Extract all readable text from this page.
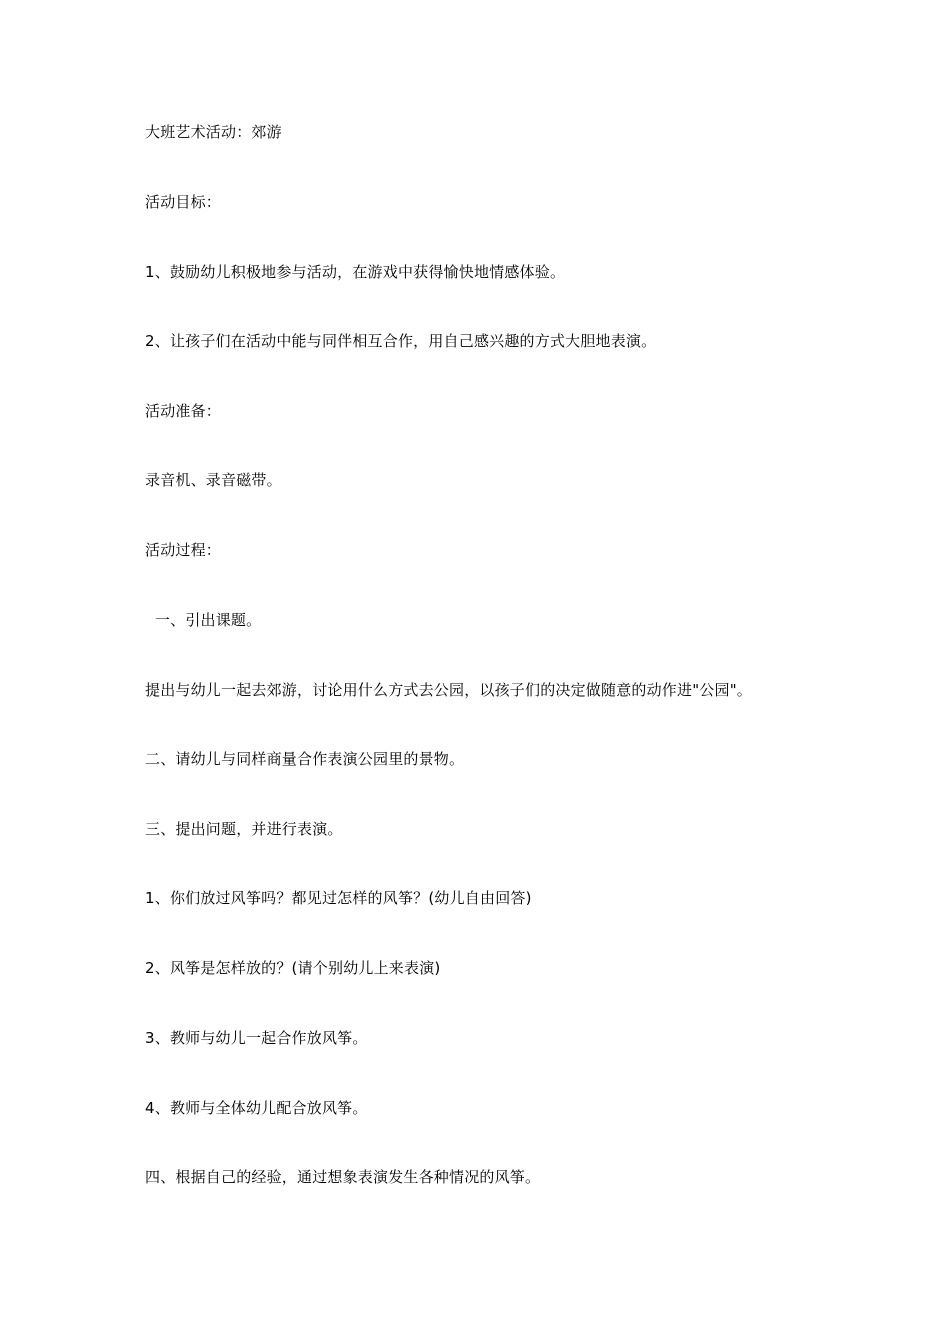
大班艺术活动：郊游
活动目标：
1、鼓励幼儿积极地参与活动，在游戏中获得愉快地情感体验。
2、让孩子们在活动中能与同伴相互合作，用自己感兴趣的方式大胆地表演。
活动准备：
录音机、录音磁带。
活动过程：
一、引出课题。
提出与幼儿一起去郊游，讨论用什么方式去公园，以孩子们的决定做随意的动作进"公园"。
二、请幼儿与同样商量合作表演公园里的景物。
三、提出问题，并进行表演。
1、你们放过风筝吗？都见过怎样的风筝？(幼儿自由回答)
2、风筝是怎样放的？(请个别幼儿上来表演)
3、教师与幼儿一起合作放风筝。
4、教师与全体幼儿配合放风筝。
四、根据自己的经验，通过想象表演发生各种情况的风筝。
